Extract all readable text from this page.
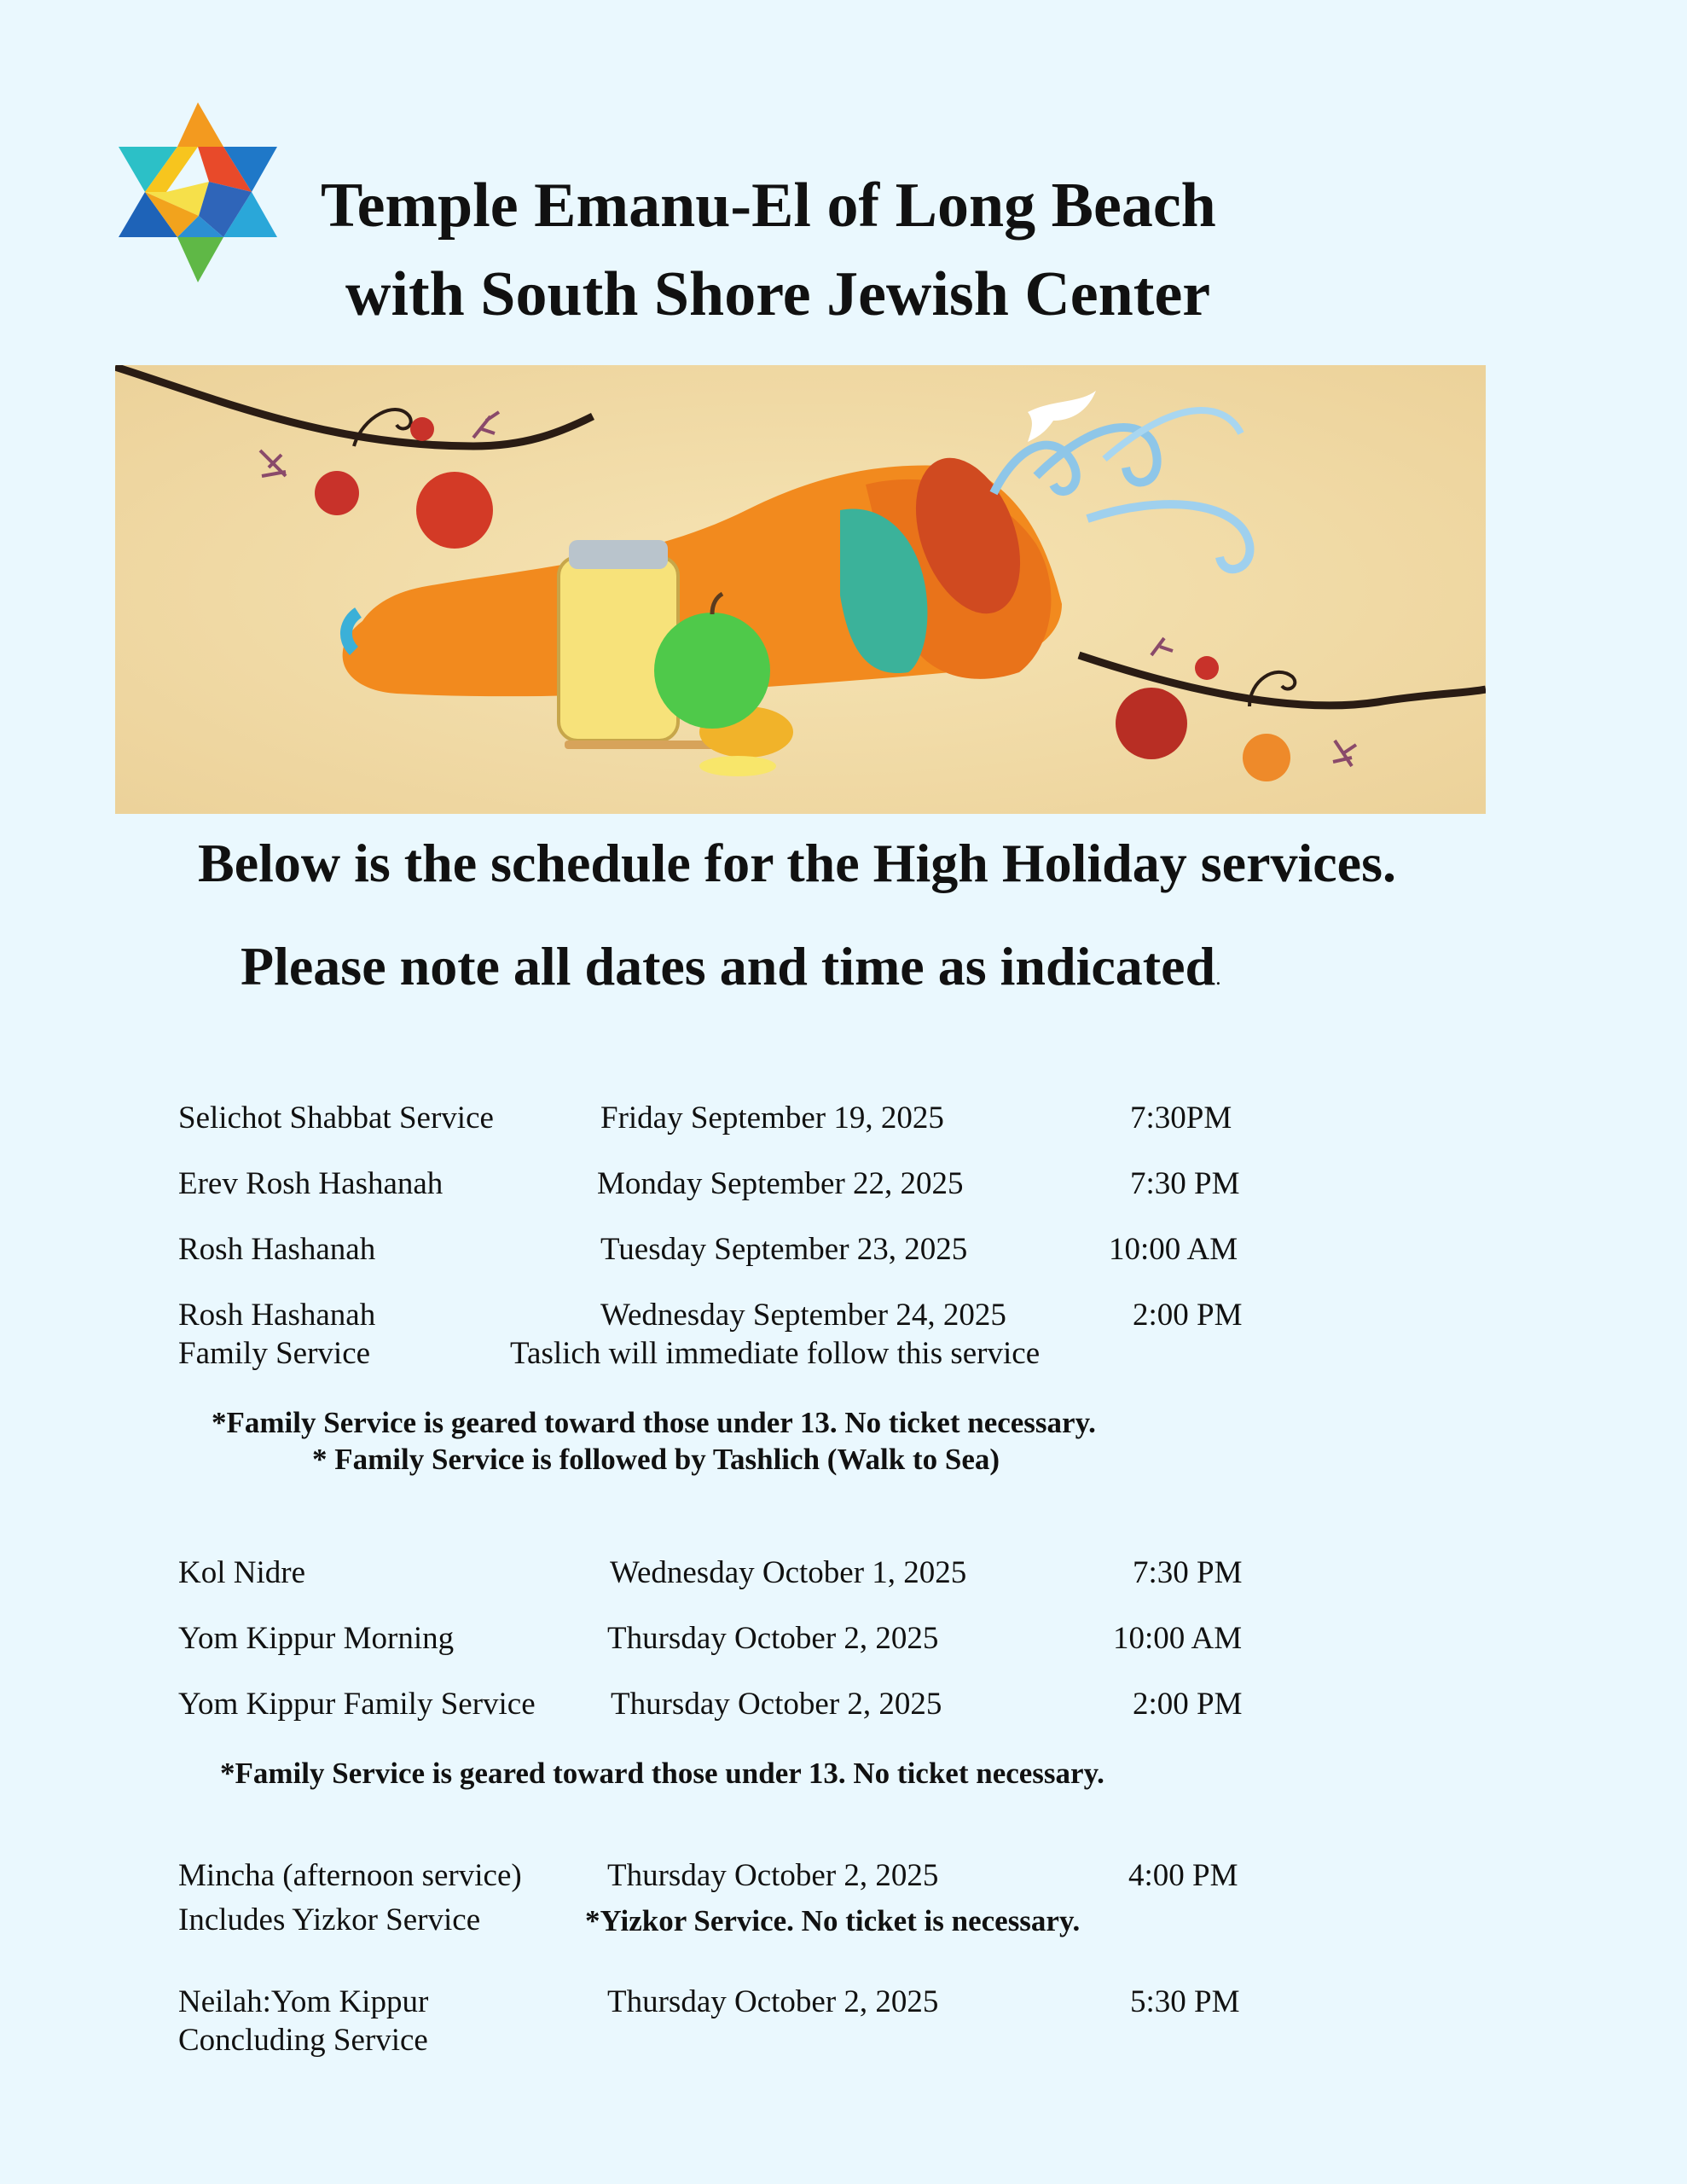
Temple Emanu-El of Long Beach
with South Shore Jewish Center
Below is the schedule for the High Holiday services.
Please note all dates and time as indicated.
Selichot Shabbat Service	Friday September 19, 2025	7:30PM
Erev Rosh Hashanah	Monday September 22, 2025	7:30 PM
Rosh Hashanah	Tuesday September 23, 2025	10:00 AM
Rosh Hashanah	Wednesday September 24, 2025	2:00 PM
Family Service	Taslich will immediate follow this service
*Family Service is geared toward those under 13. No ticket necessary.
* Family Service is followed by Tashlich (Walk to Sea)
Kol Nidre	Wednesday October 1, 2025	7:30 PM
Yom Kippur Morning	Thursday October 2, 2025	10:00 AM
Yom Kippur Family Service Thursday October 2, 2025	2:00 PM
*Family Service is geared toward those under 13. No ticket necessary.
Mincha (afternoon service)	Thursday October 2, 2025	4:00 PM
Includes Yizkor Service	*Yizkor Service. No ticket is necessary.
Neilah:Yom Kippur	Thursday October 2, 2025	5:30 PM
Concluding Service
